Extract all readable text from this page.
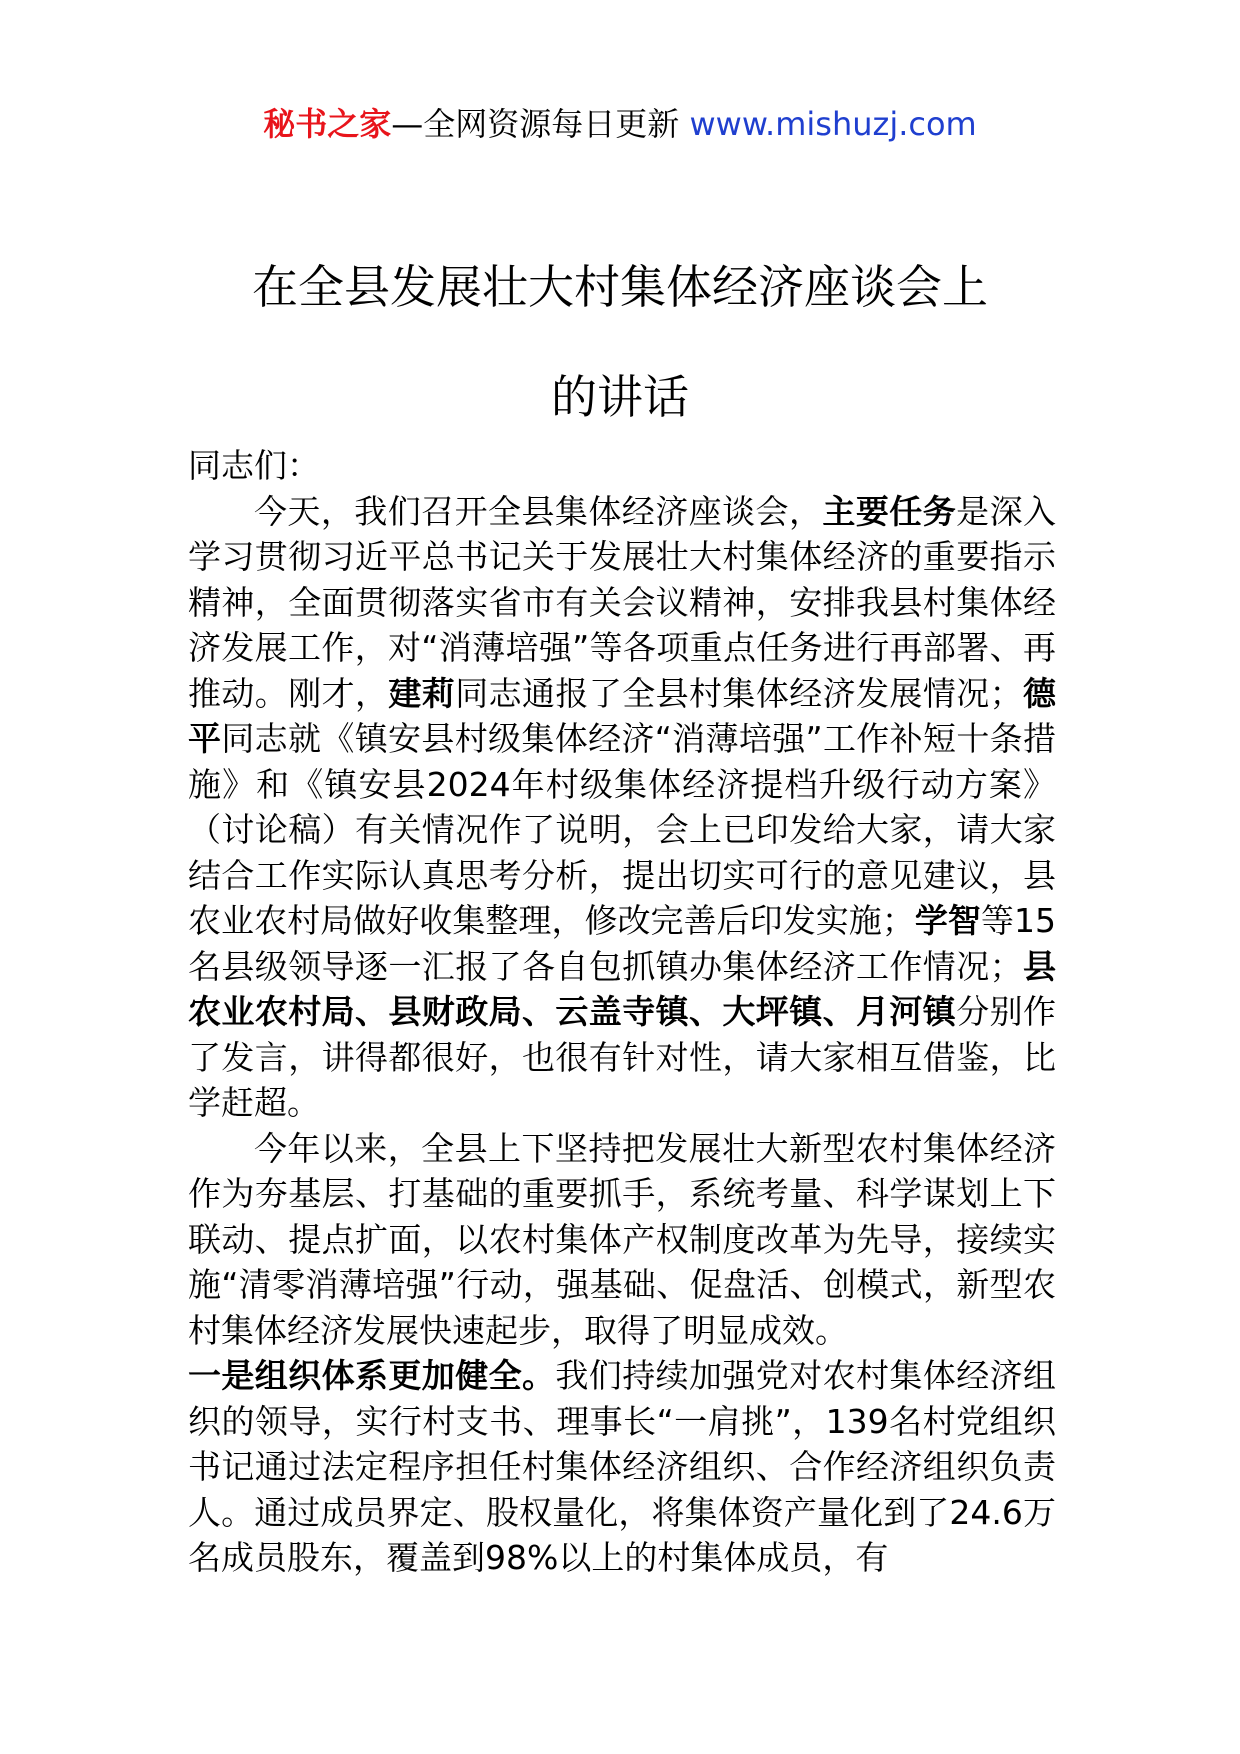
秘书之家—全网资源每日更新 www.mishuzj.com
在全县发展壮大村集体经济座谈会上
的讲话

同志们：

今天，我们召开全县集体经济座谈会，主要任务是深入学习贯彻习近平总书记关于发展壮大村集体经济的重要指示精神，全面贯彻落实省市有关会议精神，安排我县村集体经济发展工作，对“消薄培强”等各项重点任务进行再部署、再推动。刚才，建莉同志通报了全县村集体经济发展情况；德平同志就《镇安县村级集体经济“消薄培强”工作补短十条措施》和《镇安县2024年村级集体经济提档升级行动方案》（讨论稿）有关情况作了说明，会上已印发给大家，请大家结合工作实际认真思考分析，提出切实可行的意见建议，县农业农村局做好收集整理，修改完善后印发实施；学智等15名县级领导逐一汇报了各自包抓镇办集体经济工作情况；县农业农村局、县财政局、云盖寺镇、大坪镇、月河镇分别作了发言，讲得都很好，也很有针对性，请大家相互借鉴，比学赶超。

今年以来，全县上下坚持把发展壮大新型农村集体经济作为夯基层、打基础的重要抓手，系统考量、科学谋划上下联动、提点扩面，以农村集体产权制度改革为先导，接续实施“清零消薄培强”行动，强基础、促盘活、创模式，新型农村集体经济发展快速起步，取得了明显成效。

一是组织体系更加健全。我们持续加强党对农村集体经济组织的领导，实行村支书、理事长“一肩挑”，139名村党组织书记通过法定程序担任村集体经济组织、合作经济组织负责人。通过成员界定、股权量化，将集体资产量化到了24.6万名成员股东，覆盖到98%以上的村集体成员，有
